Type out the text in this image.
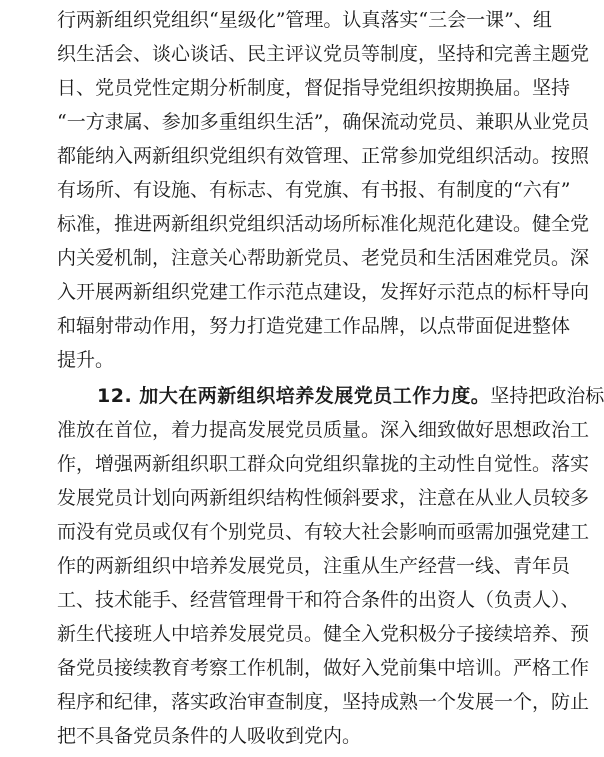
行两新组织党组织“星级化”管理。认真落实“三会一课”、组
织生活会、谈心谈话、民主评议党员等制度，坚持和完善主题党
日、党员党性定期分析制度，督促指导党组织按期换届。坚持
“一方隶属、参加多重组织生活”，确保流动党员、兼职从业党员
都能纳入两新组织党组织有效管理、正常参加党组织活动。按照
有场所、有设施、有标志、有党旗、有书报、有制度的“六有”
标准，推进两新组织党组织活动场所标准化规范化建设。健全党
内关爱机制，注意关心帮助新党员、老党员和生活困难党员。深
入开展两新组织党建工作示范点建设，发挥好示范点的标杆导向
和辐射带动作用，努力打造党建工作品牌，以点带面促进整体
提升。
12. 加大在两新组织培养发展党员工作力度。坚持把政治标
准放在首位，着力提高发展党员质量。深入细致做好思想政治工
作，增强两新组织职工群众向党组织靠拢的主动性自觉性。落实
发展党员计划向两新组织结构性倾斜要求，注意在从业人员较多
而没有党员或仅有个别党员、有较大社会影响而亟需加强党建工
作的两新组织中培养发展党员，注重从生产经营一线、青年员
工、技术能手、经营管理骨干和符合条件的出资人（负责人）、
新生代接班人中培养发展党员。健全入党积极分子接续培养、预
备党员接续教育考察工作机制，做好入党前集中培训。严格工作
程序和纪律，落实政治审查制度，坚持成熟一个发展一个，防止
把不具备党员条件的人吸收到党内。
